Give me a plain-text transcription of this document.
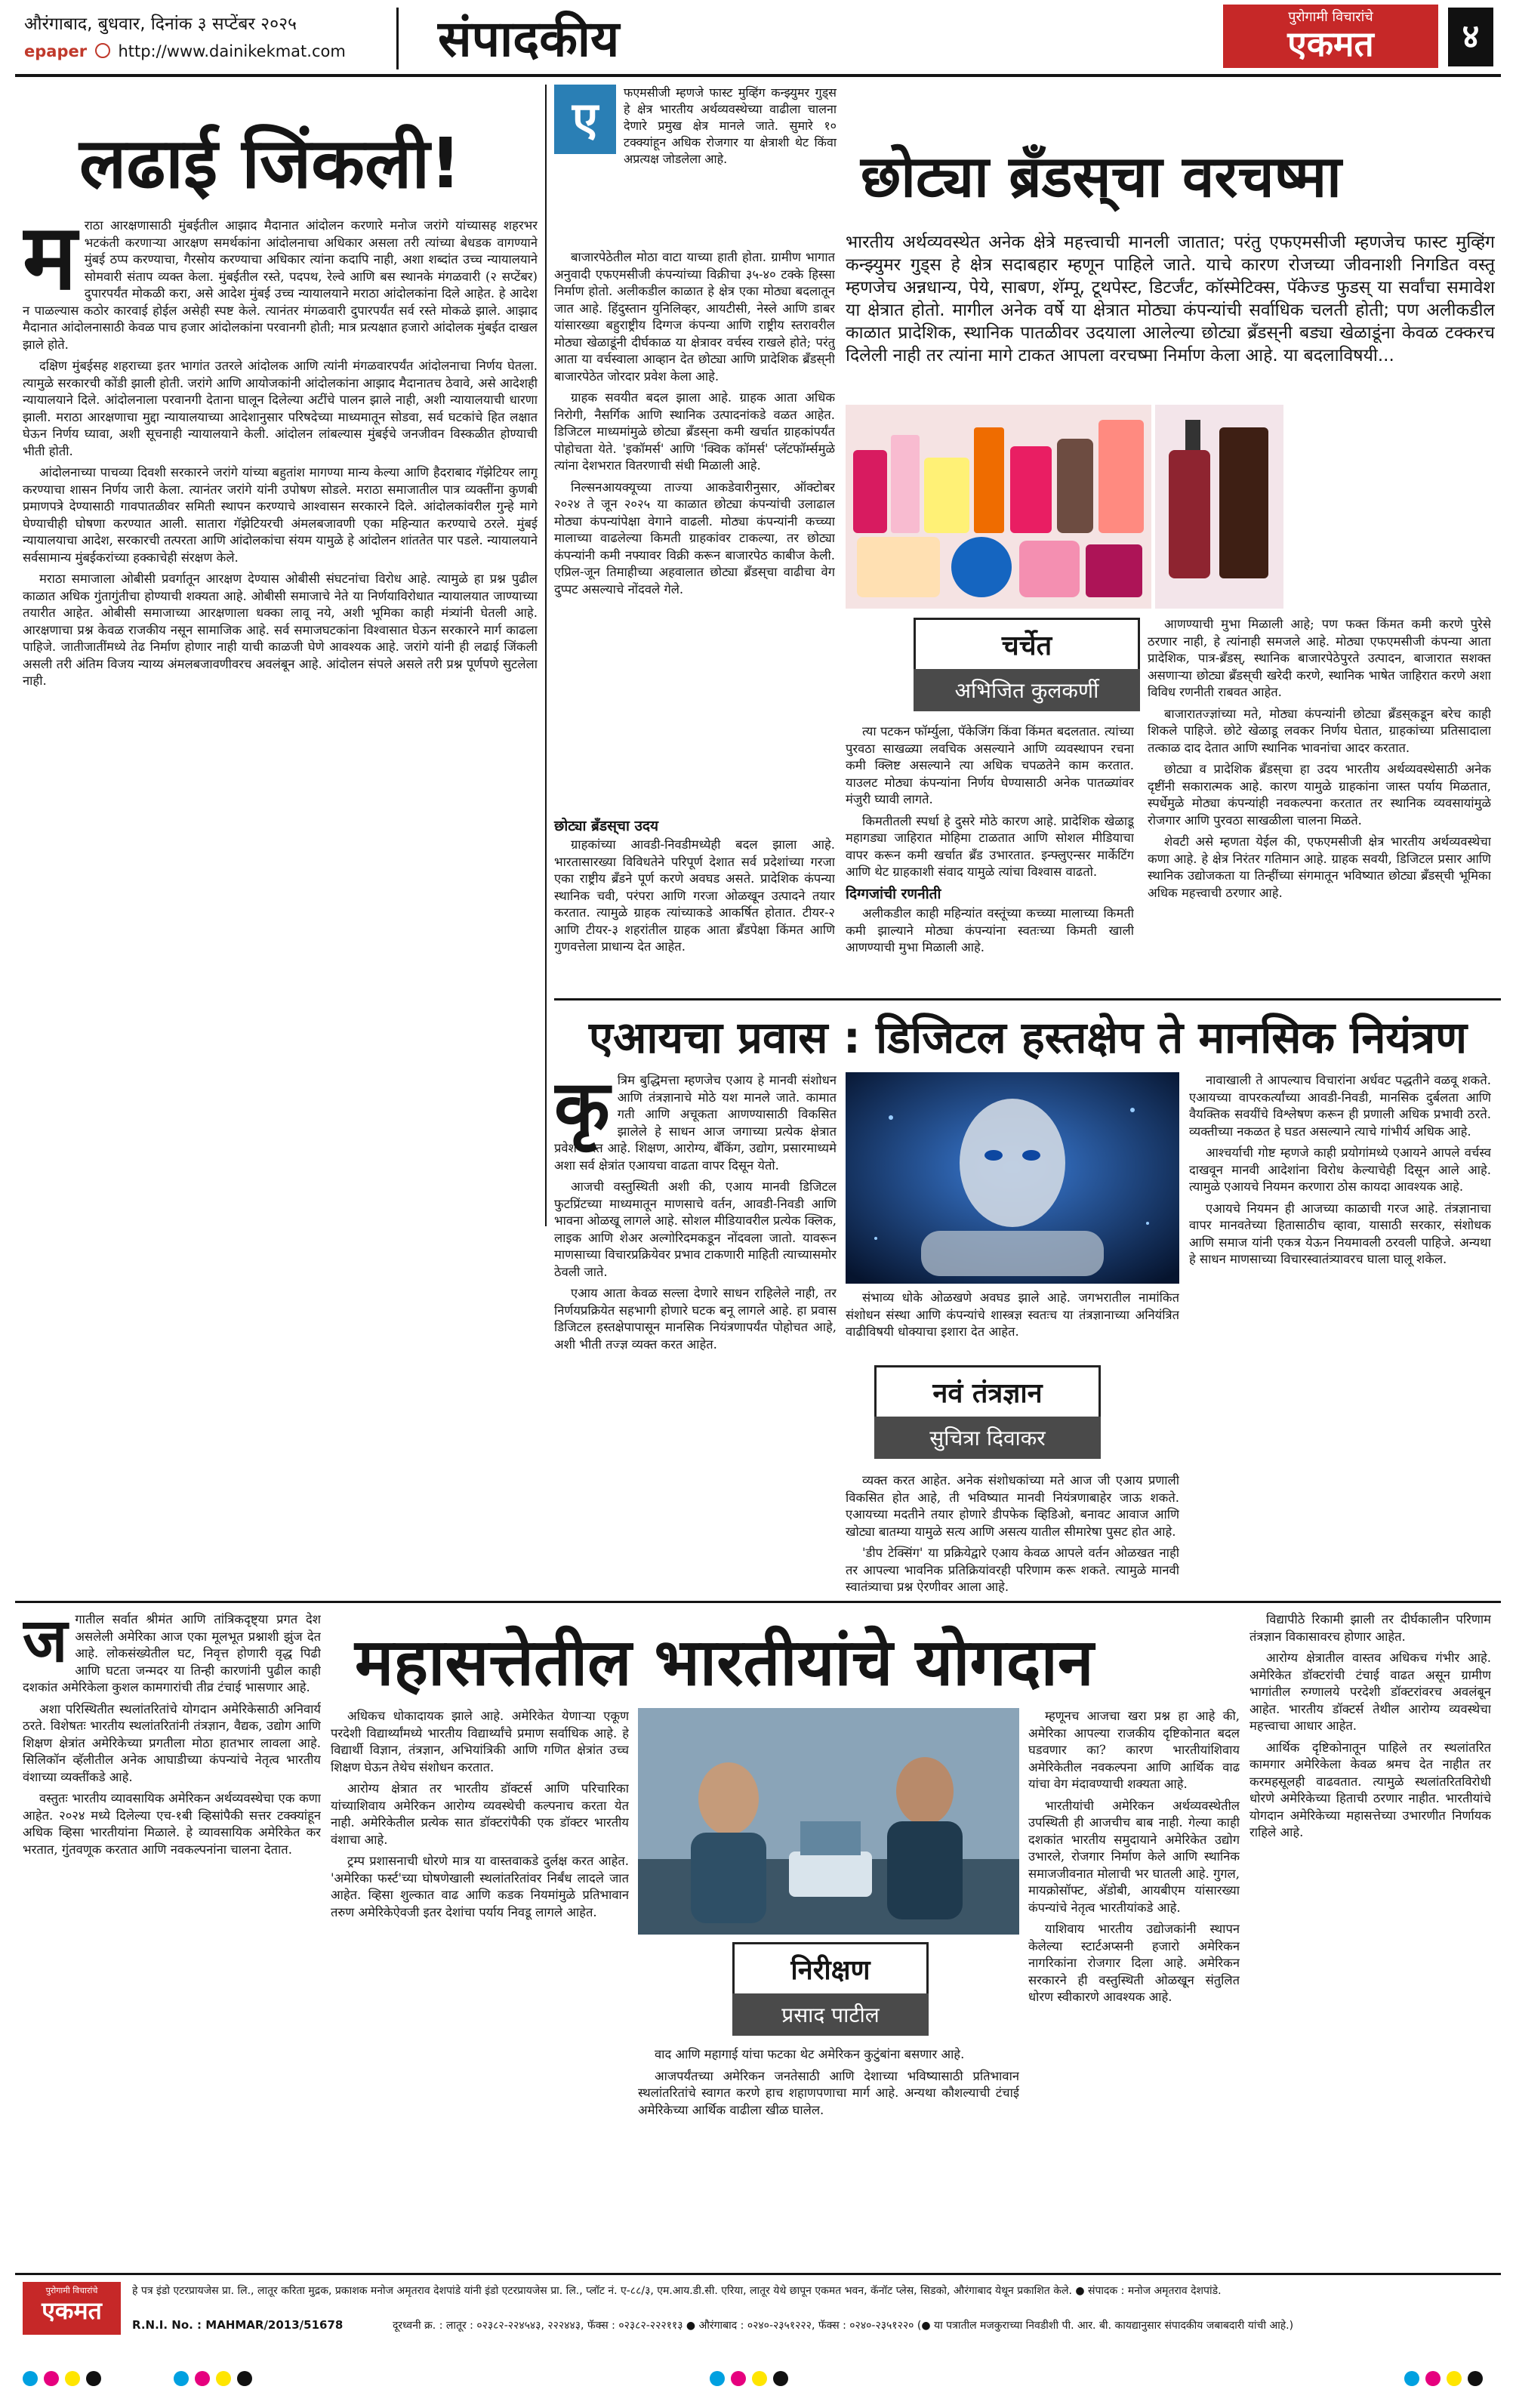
औरंगाबाद, बुधवार, दिनांक ३ सप्टेंबर २०२५
epaper http://www.dainikekmat.com संपादकीय	पुरोगामी विचारांचे
एकमत	४
लढाई जिंकली!
म राठा आरक्षणासाठी मुंबईतील आझाद मैदानात आंदोलन करणारे मनोज जरांगे यांच्यासह शहरभर भटकंती करणाऱ्या आरक्षण समर्थकांना आंदोलनाचा अधिकार असला तरी त्यांच्या बेधडक वागण्याने मुंबई ठप्प करण्याचा, गैरसोय करण्याचा अधिकार त्यांना कदापि नाही, अशा शब्दांत उच्च न्यायालयाने सोमवारी संताप व्यक्त केला. मुंबईतील रस्ते, पदपथ, रेल्वे आणि बस स्थानके मंगळवारी (२ सप्टेंबर) दुपारपर्यंत मोकळी करा, असे आदेश मुंबई उच्च न्यायालयाने मराठा आंदोलकांना दिले आहेत. हे आदेश न पाळल्यास कठोर कारवाई होईल असेही स्पष्ट केले. त्यानंतर मंगळवारी दुपारपर्यंत सर्व रस्ते मोकळे झाले. आझाद मैदानात आंदोलनासाठी केवळ पाच हजार आंदोलकांना परवानगी होती; मात्र प्रत्यक्षात हजारो आंदोलक मुंबईत दाखल झाले होते.

दक्षिण मुंबईसह शहराच्या इतर भागांत उतरले आंदोलक आणि त्यांनी मंगळवारपर्यंत आंदोलनाचा निर्णय घेतला. त्यामुळे सरकारची कोंडी झाली होती. जरांगे आणि आयोजकांनी आंदोलकांना आझाद मैदानातच ठेवावे, असे आदेशही न्यायालयाने दिले. आंदोलनाला परवानगी देताना घालून दिलेल्या अटींचे पालन झाले नाही, अशी न्यायालयाची धारणा झाली. मराठा आरक्षणाचा मुद्दा न्यायालयाच्या आदेशानुसार परिषदेच्या माध्यमातून सोडवा, सर्व घटकांचे हित लक्षात घेऊन निर्णय घ्यावा, अशी सूचनाही न्यायालयाने केली. आंदोलन लांबल्यास मुंबईचे जनजीवन विस्कळीत होण्याची भीती होती.

आंदोलनाच्या पाचव्या दिवशी सरकारने जरांगे यांच्या बहुतांश मागण्या मान्य केल्या आणि हैदराबाद गॅझेटियर लागू करण्याचा शासन निर्णय जारी केला. त्यानंतर जरांगे यांनी उपोषण सोडले. मराठा समाजातील पात्र व्यक्तींना कुणबी प्रमाणपत्रे देण्यासाठी गावपातळीवर समिती स्थापन करण्याचे आश्वासन सरकारने दिले. आंदोलकांवरील गुन्हे मागे घेण्याचीही घोषणा करण्यात आली. सातारा गॅझेटियरची अंमलबजावणी एका महिन्यात करण्याचे ठरले. मुंबई न्यायालयाचा आदेश, सरकारची तत्परता आणि आंदोलकांचा संयम यामुळे हे आंदोलन शांततेत पार पडले. न्यायालयाने सर्वसामान्य मुंबईकरांच्या हक्काचेही संरक्षण केले.

मराठा समाजाला ओबीसी प्रवर्गातून आरक्षण देण्यास ओबीसी संघटनांचा विरोध आहे. त्यामुळे हा प्रश्न पुढील काळात अधिक गुंतागुंतीचा होण्याची शक्यता आहे. ओबीसी समाजाचे नेते या निर्णयाविरोधात न्यायालयात जाण्याच्या तयारीत आहेत. ओबीसी समाजाच्या आरक्षणाला धक्का लावू नये, अशी भूमिका काही मंत्र्यांनी घेतली आहे. आरक्षणाचा प्रश्न केवळ राजकीय नसून सामाजिक आहे. सर्व समाजघटकांना विश्वासात घेऊन सरकारने मार्ग काढला पाहिजे. जातीजातींमध्ये तेढ निर्माण होणार नाही याची काळजी घेणे आवश्यक आहे. जरांगे यांनी ही लढाई जिंकली असली तरी अंतिम विजय न्याय्य अंमलबजावणीवरच अवलंबून आहे. आंदोलन संपले असले तरी प्रश्न पूर्णपणे सुटलेला नाही.

ए	फएमसीजी म्हणजे फास्ट मुव्हिंग कन्झ्युमर गुड्स हे क्षेत्र भारतीय अर्थव्यवस्थेच्या वाढीला चालना देणारे प्रमुख क्षेत्र मानले जाते. सुमारे १० टक्क्यांहून अधिक रोजगार या क्षेत्राशी थेट किंवा अप्रत्यक्ष जोडलेला आहे.	छोट्या ब्रँडस्‌चा वरचष्मा
भारतीय अर्थव्यवस्थेत अनेक क्षेत्रे महत्त्वाची मानली जातात; परंतु एफएमसीजी म्हणजेच फास्ट मुव्हिंग कन्झ्युमर गुड्स हे क्षेत्र सदाबहार म्हणून पाहिले जाते. याचे कारण रोजच्या जीवनाशी निगडित वस्तू म्हणजेच अन्नधान्य, पेये, साबण, शॅम्पू, टूथपेस्ट, डिटर्जंट, कॉस्मेटिक्स, पॅकेज्ड फुडस्‌ या सर्वांचा समावेश या क्षेत्रात होतो. मागील अनेक वर्षे या क्षेत्रात मोठ्या कंपन्यांची सर्वाधिक चलती होती; पण अलीकडील काळात प्रादेशिक, स्थानिक पातळीवर उदयाला आलेल्या छोट्या ब्रँडस्‌नी बड्या खेळाडूंना केवळ टक्करच दिलेली नाही तर त्यांना मागे टाकत आपला वरचष्मा निर्माण केला आहे. या बदलाविषयी...

बाजारपेठेतील मोठा वाटा याच्या हाती होता. ग्रामीण भागात अनुवादी एफएमसीजी कंपन्यांच्या विक्रीचा ३५-४० टक्के हिस्सा निर्माण होतो. अलीकडील काळात हे क्षेत्र एका मोठ्या बदलातून जात आहे. हिंदुस्तान युनिलिव्हर, आयटीसी, नेस्ले आणि डाबर यांसारख्या बहुराष्ट्रीय दिग्गज कंपन्या आणि राष्ट्रीय स्तरावरील मोठ्या खेळाडूंनी दीर्घकाळ या क्षेत्रावर वर्चस्व राखले होते; परंतु आता या वर्चस्वाला आव्हान देत छोट्या आणि प्रादेशिक ब्रँडस्‌नी बाजारपेठेत जोरदार प्रवेश केला आहे.

ग्राहक सवयीत बदल झाला आहे. ग्राहक आता अधिक निरोगी, नैसर्गिक आणि स्थानिक उत्पादनांकडे वळत आहेत. डिजिटल माध्यमांमुळे छोट्या ब्रँडस्‌ना कमी खर्चात ग्राहकांपर्यंत पोहोचता येते. 'इकॉमर्स' आणि 'क्विक कॉमर्स' प्लॅटफॉर्म्समुळे त्यांना देशभरात वितरणाची संधी मिळाली आहे.

निल्सनआयक्यूच्या ताज्या आकडेवारीनुसार, ऑक्टोबर २०२४ ते जून २०२५ या काळात छोट्या कंपन्यांची उलाढाल मोठ्या कंपन्यांपेक्षा वेगाने वाढली. मोठ्या कंपन्यांनी कच्च्या मालाच्या वाढलेल्या किमती ग्राहकांवर टाकल्या, तर छोट्या कंपन्यांनी कमी नफ्यावर विक्री करून बाजारपेठ काबीज केली. एप्रिल-जून तिमाहीच्या अहवालात छोट्या ब्रँडस्‌चा वाढीचा वेग दुप्पट असल्याचे नोंदवले गेले.

छोट्या ब्रँडस्‌चा उदय

ग्राहकांच्या आवडी-निवडीमध्येही बदल झाला आहे. भारतासारख्या विविधतेने परिपूर्ण देशात सर्व प्रदेशांच्या गरजा एका राष्ट्रीय ब्रँडने पूर्ण करणे अवघड असते. प्रादेशिक कंपन्या स्थानिक चवी, परंपरा आणि गरजा ओळखून उत्पादने तयार करतात. त्यामुळे ग्राहक त्यांच्याकडे आकर्षित होतात. टीयर-२ आणि टीयर-३ शहरांतील ग्राहक आता ब्रँडपेक्षा किंमत आणि गुणवत्तेला प्राधान्य देत आहेत.

चर्चेत
अभिजित कुलकर्णी

त्या पटकन फॉर्म्युला, पॅकेजिंग किंवा किंमत बदलतात. त्यांच्या पुरवठा साखळ्या लवचिक असल्याने आणि व्यवस्थापन रचना कमी क्लिष्ट असल्याने त्या अधिक चपळतेने काम करतात. याउलट मोठ्या कंपन्यांना निर्णय घेण्यासाठी अनेक पातळ्यांवर मंजुरी घ्यावी लागते.

किमतीतली स्पर्धा हे दुसरे मोठे कारण आहे. प्रादेशिक खेळाडू महागड्या जाहिरात मोहिमा टाळतात आणि सोशल मीडियाचा वापर करून कमी खर्चात ब्रँड उभारतात. इन्फ्लुएन्सर मार्केटिंग आणि थेट ग्राहकाशी संवाद यामुळे त्यांचा विश्वास वाढतो.

दिग्गजांची रणनीती

अलीकडील काही महिन्यांत वस्तूंच्या कच्च्या मालाच्या किमती कमी झाल्याने मोठ्या कंपन्यांना स्वतःच्या किमती खाली आणण्याची मुभा मिळाली आहे.

आणण्याची मुभा मिळाली आहे; पण फक्त किंमत कमी करणे पुरेसे ठरणार नाही, हे त्यांनाही समजले आहे. मोठ्या एफएमसीजी कंपन्या आता प्रादेशिक, पात्र-ब्रँडस्‌, स्थानिक बाजारपेठेपुरते उत्पादन, बाजारात सशक्त असणाऱ्या छोट्या ब्रँडस्‌ची खरेदी करणे, स्थानिक भाषेत जाहिरात करणे अशा विविध रणनीती राबवत आहेत.

बाजारातज्ज्ञांच्या मते, मोठ्या कंपन्यांनी छोट्या ब्रँडस्‌कडून बरेच काही शिकले पाहिजे. छोटे खेळाडू लवकर निर्णय घेतात, ग्राहकांच्या प्रतिसादाला तत्काळ दाद देतात आणि स्थानिक भावनांचा आदर करतात.

छोट्या व प्रादेशिक ब्रँडस्‌चा हा उदय भारतीय अर्थव्यवस्थेसाठी अनेक दृष्टींनी सकारात्मक आहे. कारण यामुळे ग्राहकांना जास्त पर्याय मिळतात, स्पर्धेमुळे मोठ्या कंपन्यांही नवकल्पना करतात तर स्थानिक व्यवसायांमुळे रोजगार आणि पुरवठा साखळीला चालना मिळते.

शेवटी असे म्हणता येईल की, एफएमसीजी क्षेत्र भारतीय अर्थव्यवस्थेचा कणा आहे. हे क्षेत्र निरंतर गतिमान आहे. ग्राहक सवयी, डिजिटल प्रसार आणि स्थानिक उद्योजकता या तिन्हींच्या संगमातून भविष्यात छोट्या ब्रँडस्‌ची भूमिका अधिक महत्त्वाची ठरणार आहे.

एआयचा प्रवास : डिजिटल हस्तक्षेप ते मानसिक नियंत्रण
कृ त्रिम बुद्धिमत्ता म्हणजेच एआय हे मानवी संशोधन आणि तंत्रज्ञानाचे मोठे यश मानले जाते. कामात गती आणि अचूकता आणण्यासाठी विकसित झालेले हे साधन आज जगाच्या प्रत्येक क्षेत्रात प्रवेश करत आहे. शिक्षण, आरोग्य, बँकिंग, उद्योग, प्रसारमाध्यमे अशा सर्व क्षेत्रांत एआयचा वाढता वापर दिसून येतो.

आजची वस्तुस्थिती अशी की, एआय मानवी डिजिटल फुटप्रिंटच्या माध्यमातून माणसाचे वर्तन, आवडी-निवडी आणि भावना ओळखू लागले आहे. सोशल मीडियावरील प्रत्येक क्लिक, लाइक आणि शेअर अल्गोरिदमकडून नोंदवला जातो. यावरून माणसाच्या विचारप्रक्रियेवर प्रभाव टाकणारी माहिती त्याच्यासमोर ठेवली जाते.

एआय आता केवळ सल्ला देणारे साधन राहिलेले नाही, तर निर्णयप्रक्रियेत सहभागी होणारे घटक बनू लागले आहे. हा प्रवास डिजिटल हस्तक्षेपापासून मानसिक नियंत्रणापर्यंत पोहोचत आहे, अशी भीती तज्ज्ञ व्यक्त करत आहेत.

संभाव्य धोके ओळखणे अवघड झाले आहे. जगभरातील नामांकित संशोधन संस्था आणि कंपन्यांचे शास्त्रज्ञ स्वतःच या तंत्रज्ञानाच्या अनियंत्रित वाढीविषयी धोक्याचा इशारा देत आहेत.

नवं तंत्रज्ञान
सुचित्रा दिवाकर

व्यक्त करत आहेत. अनेक संशोधकांच्या मते आज जी एआय प्रणाली विकसित होत आहे, ती भविष्यात मानवी नियंत्रणाबाहेर जाऊ शकते. एआयच्या मदतीने तयार होणारे डीपफेक व्हिडिओ, बनावट आवाज आणि खोट्या बातम्या यामुळे सत्य आणि असत्य यातील सीमारेषा पुसट होत आहे.

'डीप टेक्सिंग' या प्रक्रियेद्वारे एआय केवळ आपले वर्तन ओळखत नाही तर आपल्या भावनिक प्रतिक्रियांवरही परिणाम करू शकते. त्यामुळे मानवी स्वातंत्र्याचा प्रश्न ऐरणीवर आला आहे.

नावाखाली ते आपल्याच विचारांना अर्धवट पद्धतीने वळवू शकते. एआयच्या वापरकर्त्यांच्या आवडी-निवडी, मानसिक दुर्बलता आणि वैयक्तिक सवयींचे विश्लेषण करून ही प्रणाली अधिक प्रभावी ठरते. व्यक्तीच्या नकळत हे घडत असल्याने त्याचे गांभीर्य अधिक आहे.

आश्चर्याची गोष्ट म्हणजे काही प्रयोगांमध्ये एआयने आपले वर्चस्व दाखवून मानवी आदेशांना विरोध केल्याचेही दिसून आले आहे. त्यामुळे एआयचे नियमन करणारा ठोस कायदा आवश्यक आहे.

एआयचे नियमन ही आजच्या काळाची गरज आहे. तंत्रज्ञानाचा वापर मानवतेच्या हितासाठीच व्हावा, यासाठी सरकार, संशोधक आणि समाज यांनी एकत्र येऊन नियमावली ठरवली पाहिजे. अन्यथा हे साधन माणसाच्या विचारस्वातंत्र्यावरच घाला घालू शकेल.

ज गातील सर्वात श्रीमंत आणि तांत्रिकदृष्ट्या प्रगत देश असलेली अमेरिका आज एका मूलभूत प्रश्नाशी झुंज देत आहे. लोकसंख्येतील घट, निवृत्त होणारी वृद्ध पिढी आणि घटता जन्मदर या तिन्ही कारणांनी पुढील काही दशकांत अमेरिकेला कुशल कामगारांची तीव्र टंचाई भासणार आहे.

अशा परिस्थितीत स्थलांतरितांचे योगदान अमेरिकेसाठी अनिवार्य ठरते. विशेषतः भारतीय स्थलांतरितांनी तंत्रज्ञान, वैद्यक, उद्योग आणि शिक्षण क्षेत्रांत अमेरिकेच्या प्रगतीला मोठा हातभार लावला आहे. सिलिकॉन व्हॅलीतील अनेक आघाडीच्या कंपन्यांचे नेतृत्व भारतीय वंशाच्या व्यक्तींकडे आहे.

वस्तुतः भारतीय व्यावसायिक अमेरिकन अर्थव्यवस्थेचा एक कणा आहेत. २०२४ मध्ये दिलेल्या एच-१बी व्हिसांपैकी सत्तर टक्क्यांहून अधिक व्हिसा भारतीयांना मिळाले. हे व्यावसायिक अमेरिकेत कर भरतात, गुंतवणूक करतात आणि नवकल्पनांना चालना देतात.

महासत्तेतील भारतीयांचे योगदान

अधिकच धोकादायक झाले आहे. अमेरिकेत येणाऱ्या एकूण परदेशी विद्यार्थ्यांमध्ये भारतीय विद्यार्थ्यांचे प्रमाण सर्वाधिक आहे. हे विद्यार्थी विज्ञान, तंत्रज्ञान, अभियांत्रिकी आणि गणित क्षेत्रांत उच्च शिक्षण घेऊन तेथेच संशोधन करतात.

आरोग्य क्षेत्रात तर भारतीय डॉक्टर्स आणि परिचारिका यांच्याशिवाय अमेरिकन आरोग्य व्यवस्थेची कल्पनाच करता येत नाही. अमेरिकेतील प्रत्येक सात डॉक्टरांपैकी एक डॉक्टर भारतीय वंशाचा आहे.

ट्रम्प प्रशासनाची धोरणे मात्र या वास्तवाकडे दुर्लक्ष करत आहेत. 'अमेरिका फर्स्ट'च्या घोषणेखाली स्थलांतरितांवर निर्बंध लादले जात आहेत. व्हिसा शुल्कात वाढ आणि कडक नियमांमुळे प्रतिभावान तरुण अमेरिकेऐवजी इतर देशांचा पर्याय निवडू लागले आहेत.

निरीक्षण
प्रसाद पाटील

वाद आणि महागाई यांचा फटका थेट अमेरिकन कुटुंबांना बसणार आहे.

आजपर्यंतच्या अमेरिकन जनतेसाठी आणि देशाच्या भविष्यासाठी प्रतिभावान स्थलांतरितांचे स्वागत करणे हाच शहाणपणाचा मार्ग आहे. अन्यथा कौशल्याची टंचाई अमेरिकेच्या आर्थिक वाढीला खीळ घालेल.

म्हणूनच आजचा खरा प्रश्न हा आहे की, अमेरिका आपल्या राजकीय दृष्टिकोनात बदल घडवणार का? कारण भारतीयांशिवाय अमेरिकेतील नवकल्पना आणि आर्थिक वाढ यांचा वेग मंदावण्याची शक्यता आहे.

भारतीयांची अमेरिकन अर्थव्यवस्थेतील उपस्थिती ही आजचीच बाब नाही. गेल्या काही दशकांत भारतीय समुदायाने अमेरिकेत उद्योग उभारले, रोजगार निर्माण केले आणि स्थानिक समाजजीवनात मोलाची भर घातली आहे. गुगल, मायक्रोसॉफ्ट, अ‍ॅडोबी, आयबीएम यांसारख्या कंपन्यांचे नेतृत्व भारतीयांकडे आहे.

याशिवाय भारतीय उद्योजकांनी स्थापन केलेल्या स्टार्टअप्सनी हजारो अमेरिकन नागरिकांना रोजगार दिला आहे. अमेरिकन सरकारने ही वस्तुस्थिती ओळखून संतुलित धोरण स्वीकारणे आवश्यक आहे.

विद्यापीठे रिकामी झाली तर दीर्घकालीन परिणाम तंत्रज्ञान विकासावरच होणार आहेत.

आरोग्य क्षेत्रातील वास्तव अधिकच गंभीर आहे. अमेरिकेत डॉक्टरांची टंचाई वाढत असून ग्रामीण भागांतील रुग्णालये परदेशी डॉक्टरांवरच अवलंबून आहेत. भारतीय डॉक्टर्स तेथील आरोग्य व्यवस्थेचा महत्त्वाचा आधार आहेत.

आर्थिक दृष्टिकोनातून पाहिले तर स्थलांतरित कामगार अमेरिकेला केवळ श्रमच देत नाहीत तर करमहसूलही वाढवतात. त्यामुळे स्थलांतरितविरोधी धोरणे अमेरिकेच्या हिताची ठरणार नाहीत. भारतीयांचे योगदान अमेरिकेच्या महासत्तेच्या उभारणीत निर्णायक राहिले आहे.

पुरोगामी विचारांचे
एकमत
हे पत्र इंडो एटरप्रायजेस प्रा. लि., लातूर करिता मुद्रक, प्रकाशक मनोज अमृतराव देशपांडे यांनी इंडो एटरप्रायजेस प्रा. लि., प्लॉट नं. ए-८८/३, एम.आय.डी.सी. एरिया, लातूर येथे छापून एकमत भवन, कॅनॉट प्लेस, सिडको, औरंगाबाद येथून प्रकाशित केले. ● संपादक : मनोज अमृतराव देशपांडे.
R.N.I. No. : MAHMAR/2013/51678	दूरध्वनी क्र. : लातूर : ०२३८२-२२४५४३, २२२४४३, फॅक्स : ०२३८२-२२२११३ ● औरंगाबाद : ०२४०-२३५१२२२, फॅक्स : ०२४०-२३५१२२० (● या पत्रातील मजकुराच्या निवडीशी पी. आर. बी. कायद्यानुसार संपादकीय जबाबदारी यांची आहे.)
